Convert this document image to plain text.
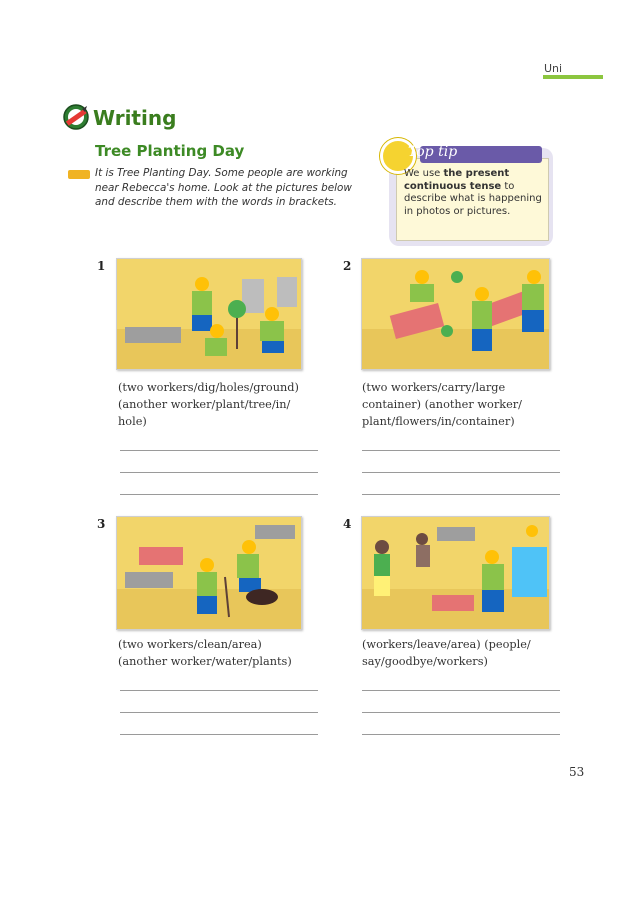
Uni
Writing
Tree Planting Day
It is Tree Planting Day. Some people are working near Rebecca's home. Look at the pictures below and describe them with the words in brackets.
Top tip
We use the present continuous tense to describe what is happening in photos or pictures.
1
(two workers/dig/holes/ground)
(another worker/plant/tree/in/
hole)
2
(two workers/carry/large
container) (another worker/
plant/flowers/in/container)
3
(two workers/clean/area)
(another worker/water/plants)
4
(workers/leave/area) (people/
say/goodbye/workers)
53
